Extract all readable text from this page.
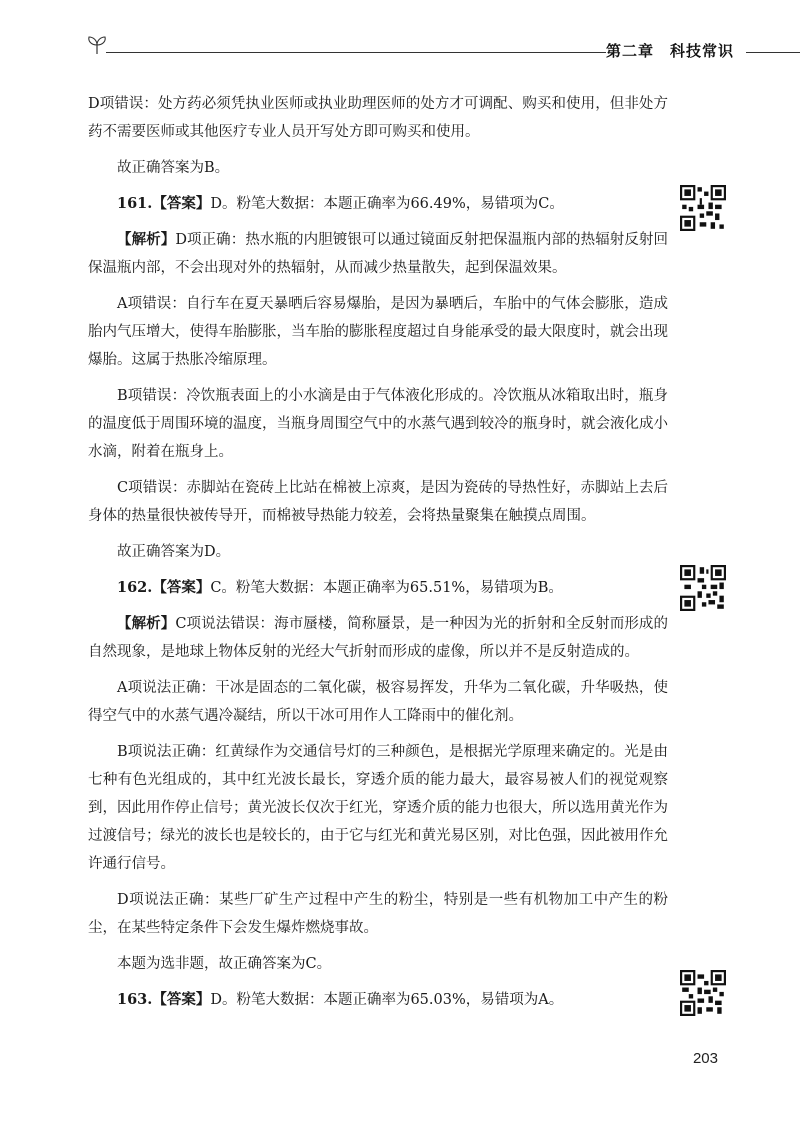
第二章　科技常识

D项错误：处方药必须凭执业医师或执业助理医师的处方才可调配、购买和使用，但非处方药不需要医师或其他医疗专业人员开写处方即可购买和使用。

故正确答案为B。

161.【答案】D。粉笔大数据：本题正确率为66.49%，易错项为C。

【解析】D项正确：热水瓶的内胆镀银可以通过镜面反射把保温瓶内部的热辐射反射回保温瓶内部，不会出现对外的热辐射，从而减少热量散失，起到保温效果。

A项错误：自行车在夏天暴晒后容易爆胎，是因为暴晒后，车胎中的气体会膨胀，造成胎内气压增大，使得车胎膨胀，当车胎的膨胀程度超过自身能承受的最大限度时，就会出现爆胎。这属于热胀冷缩原理。

B项错误：冷饮瓶表面上的小水滴是由于气体液化形成的。冷饮瓶从冰箱取出时，瓶身的温度低于周围环境的温度，当瓶身周围空气中的水蒸气遇到较冷的瓶身时，就会液化成小水滴，附着在瓶身上。

C项错误：赤脚站在瓷砖上比站在棉被上凉爽，是因为瓷砖的导热性好，赤脚站上去后身体的热量很快被传导开，而棉被导热能力较差，会将热量聚集在触摸点周围。

故正确答案为D。

162.【答案】C。粉笔大数据：本题正确率为65.51%，易错项为B。

【解析】C项说法错误：海市蜃楼，简称蜃景，是一种因为光的折射和全反射而形成的自然现象，是地球上物体反射的光经大气折射而形成的虚像，所以并不是反射造成的。

A项说法正确：干冰是固态的二氧化碳，极容易挥发，升华为二氧化碳，升华吸热，使得空气中的水蒸气遇冷凝结，所以干冰可用作人工降雨中的催化剂。

B项说法正确：红黄绿作为交通信号灯的三种颜色，是根据光学原理来确定的。光是由七种有色光组成的，其中红光波长最长，穿透介质的能力最大，最容易被人们的视觉观察到，因此用作停止信号；黄光波长仅次于红光，穿透介质的能力也很大，所以选用黄光作为过渡信号；绿光的波长也是较长的，由于它与红光和黄光易区别，对比色强，因此被用作允许通行信号。

D项说法正确：某些厂矿生产过程中产生的粉尘，特别是一些有机物加工中产生的粉尘，在某些特定条件下会发生爆炸燃烧事故。

本题为选非题，故正确答案为C。

163.【答案】D。粉笔大数据：本题正确率为65.03%，易错项为A。

203
